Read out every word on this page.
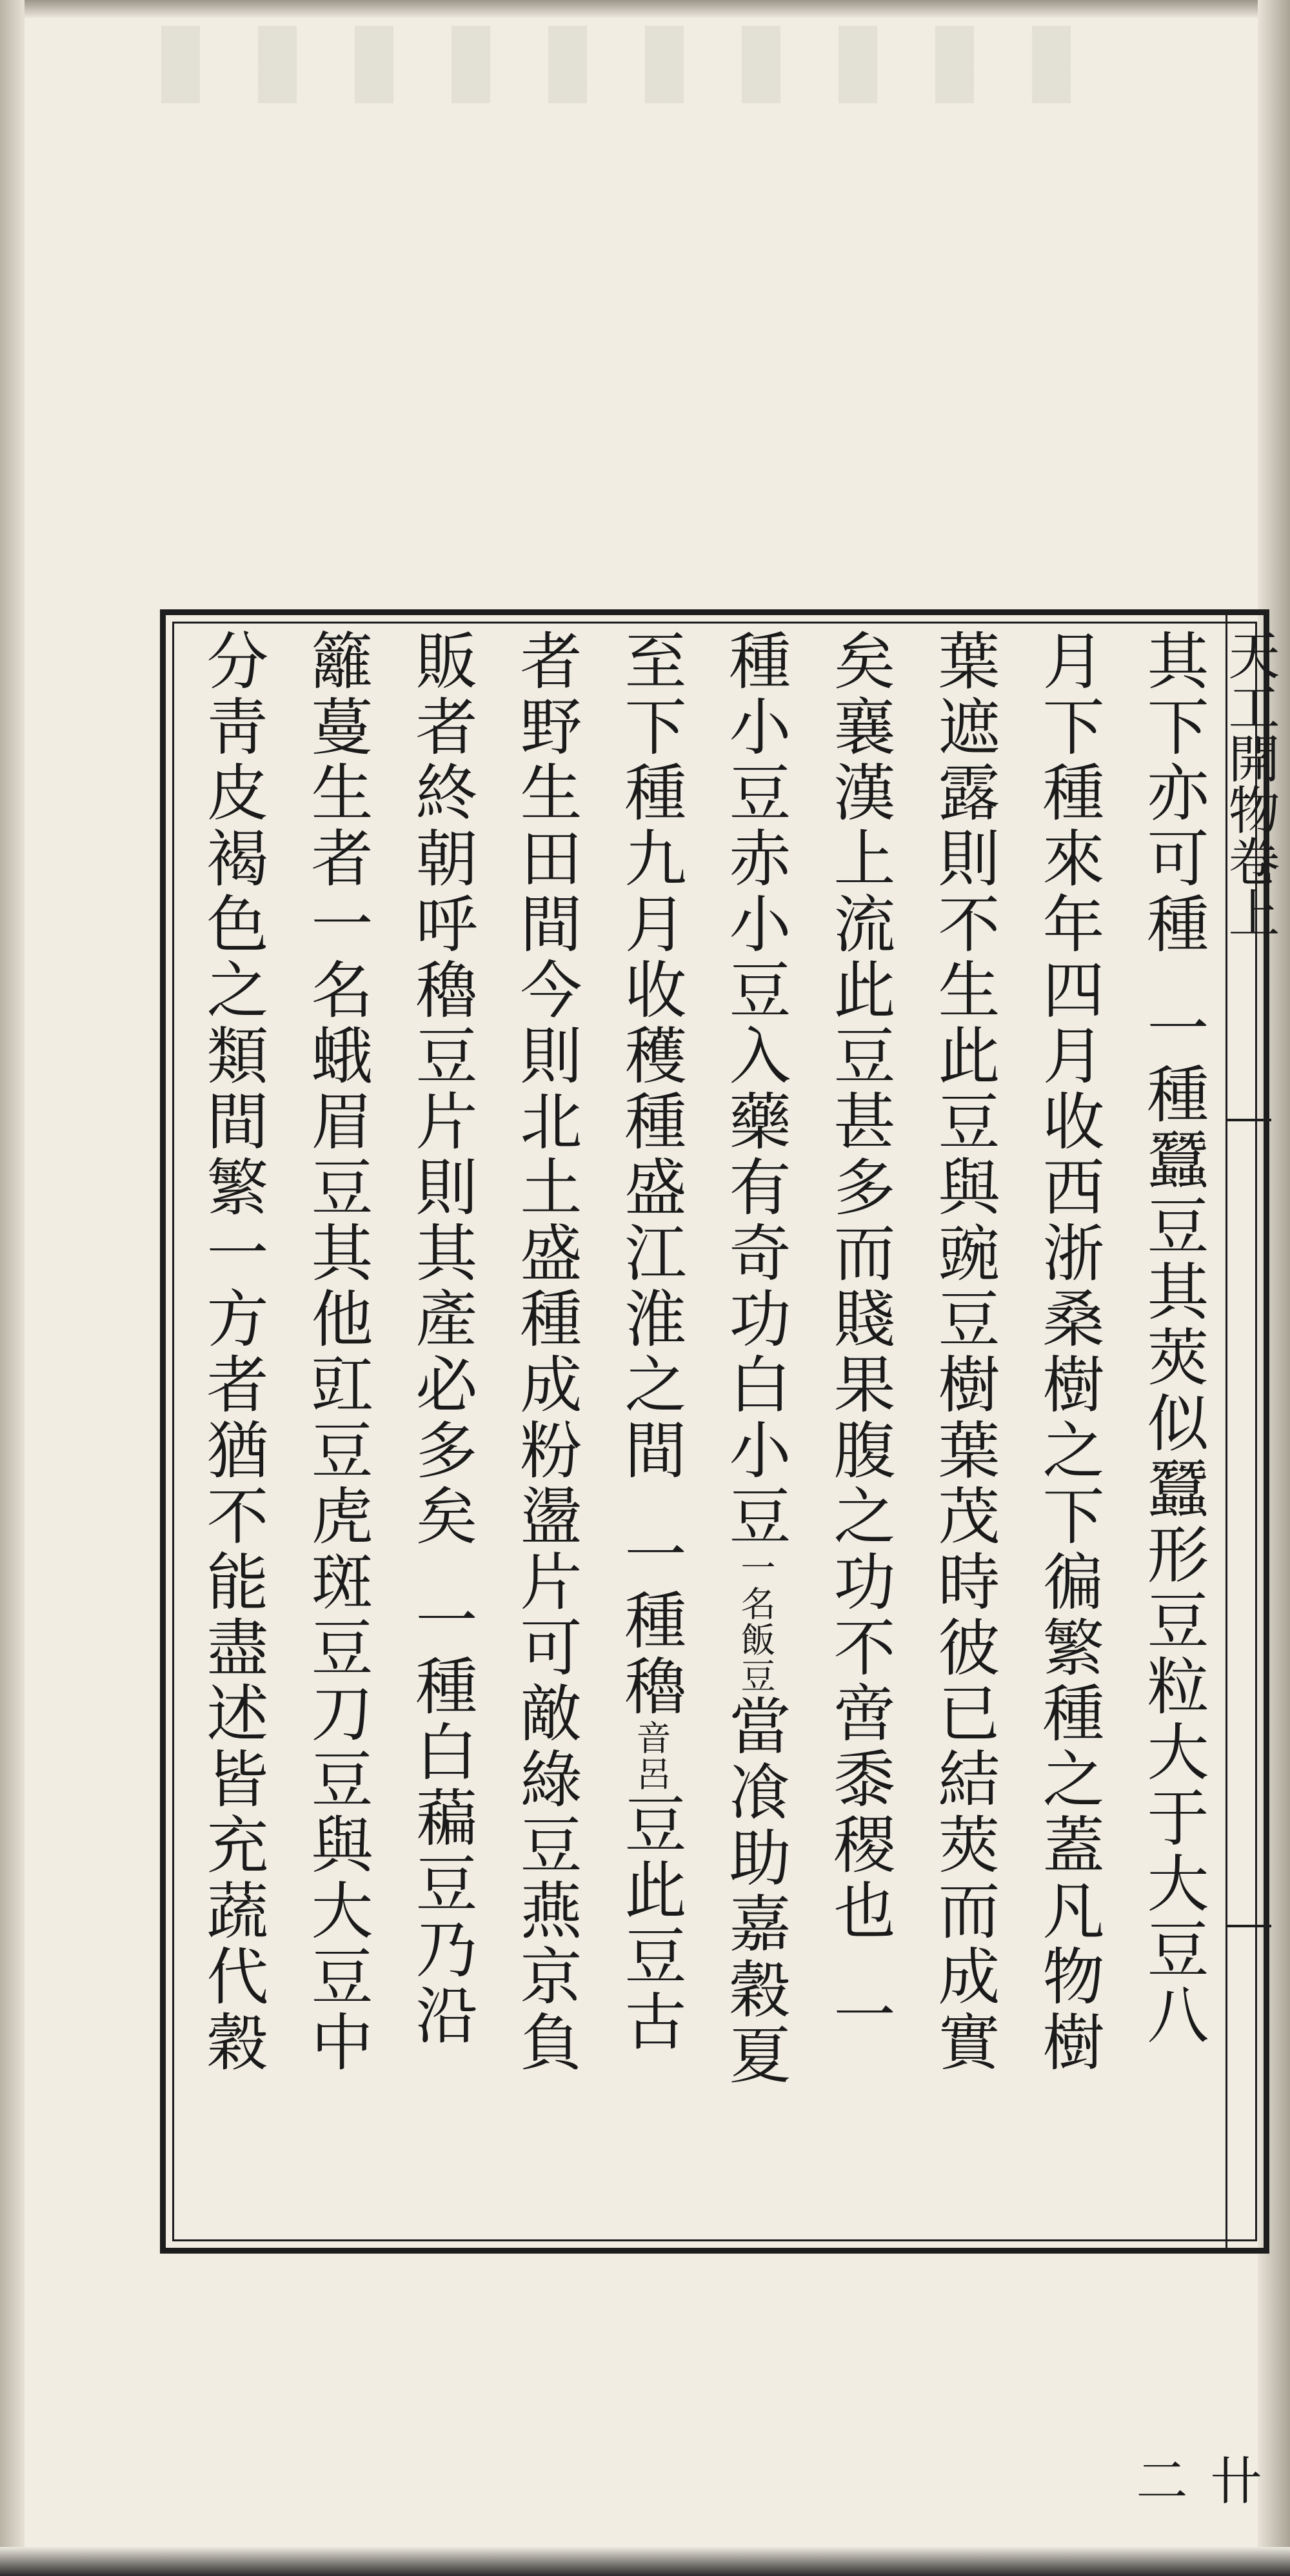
天工開物卷上
卄二
其下亦可種一種蠶豆其莢似蠶形豆粒大于大豆八
月下種來年四月收西浙桑樹之下徧繁種之蓋凡物樹
葉遮露則不生此豆與豌豆樹葉茂時彼已結莢而成實
矣襄漢上流此豆甚多而賤果腹之功不啻黍稷也一
種小豆赤小豆入藥有奇功白小豆一名飯豆當飡助嘉穀夏
至下種九月收穫種盛江淮之間一種穭音呂豆此豆古
者野生田間今則北土盛種成粉盪片可敵綠豆燕京負
販者終朝呼穭豆片則其產必多矣一種白藊豆乃沿
籬蔓生者一名蛾眉豆其他豇豆虎斑豆刀豆與大豆中
分靑皮褐色之類間繁一方者猶不能盡述皆充蔬代穀
